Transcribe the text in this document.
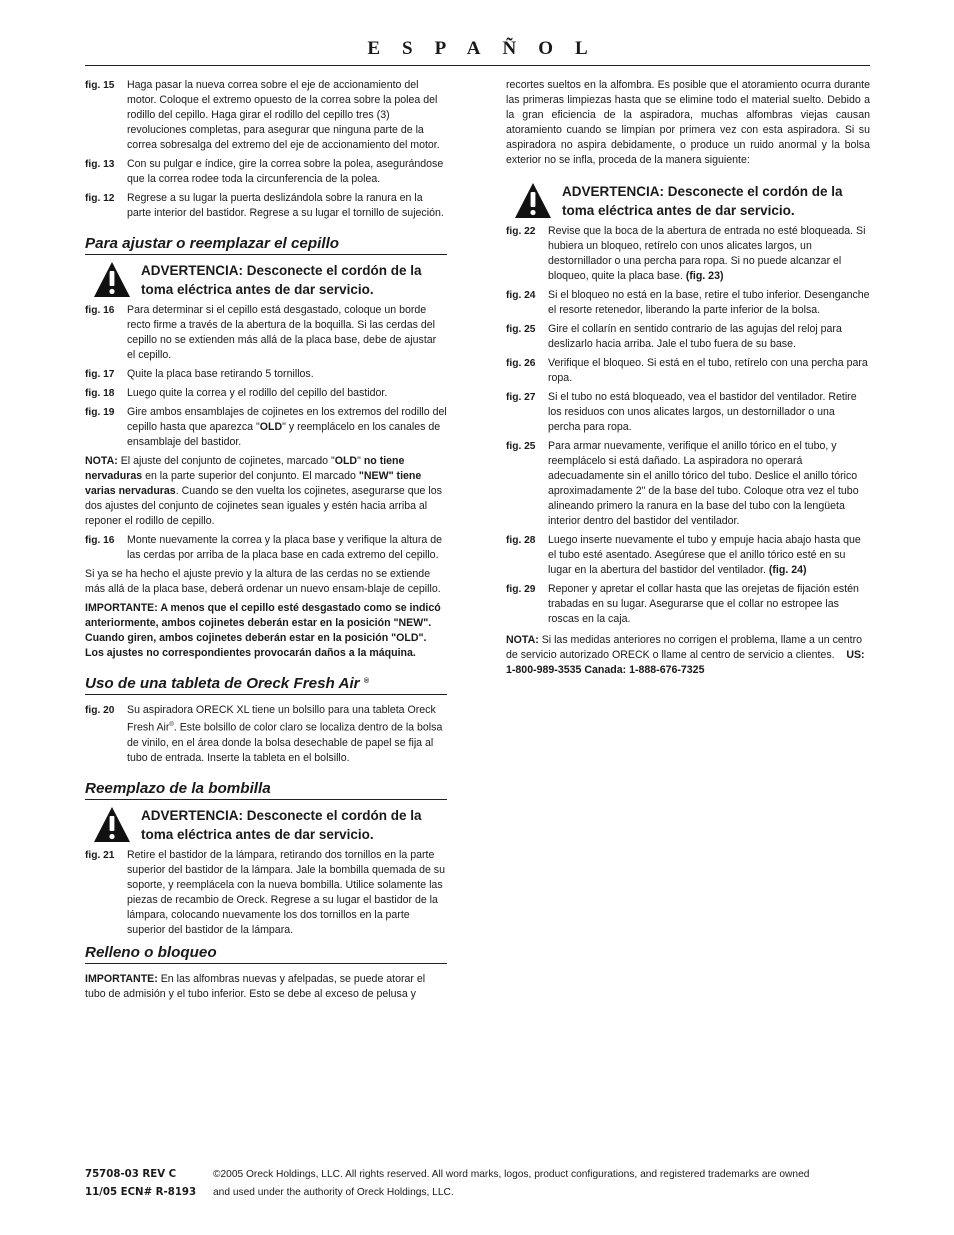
ESPAÑOL
fig. 15	Haga pasar la nueva correa sobre el eje de accionamiento del motor. Coloque el extremo opuesto de la correa sobre la polea del rodillo del cepillo. Haga girar el rodillo del cepillo tres (3) revoluciones completas, para asegurar que ninguna parte de la correa sobresalga del extremo del eje de accionamiento del motor.
fig. 13	Con su pulgar e índice, gire la correa sobre la polea, asegurándose que la correa rodee toda la circunferencia de la polea.
fig. 12	Regrese a su lugar la puerta deslizándola sobre la ranura en la parte interior del bastidor. Regrese a su lugar el tornillo de sujeción.
Para ajustar o reemplazar el cepillo
ADVERTENCIA: Desconecte el cordón de la toma eléctrica antes de dar servicio.
fig. 16	Para determinar si el cepillo está desgastado, coloque un borde recto firme a través de la abertura de la boquilla. Si las cerdas del cepillo no se extienden más allá de la placa base, debe de ajustar el cepillo.
fig. 17	Quite la placa base retirando 5 tornillos.
fig. 18	Luego quite la correa y el rodillo del cepillo del bastidor.
fig. 19	Gire ambos ensamblajes de cojinetes en los extremos del rodillo del cepillo hasta que aparezca "OLD" y reemplácelo en los canales de ensamblaje del bastidor.
NOTA: El ajuste del conjunto de cojinetes, marcado "OLD" no tiene nervaduras en la parte superior del conjunto. El marcado "NEW" tiene varias nervaduras. Cuando se den vuelta los cojinetes, asegurarse que los dos ajustes del conjunto de cojinetes sean iguales y estén hacia arriba al reponer el rodillo de cepillo.
fig. 16	Monte nuevamente la correa y la placa base y verifique la altura de las cerdas por arriba de la placa base en cada extremo del cepillo.
Si ya se ha hecho el ajuste previo y la altura de las cerdas no se extiende más allá de la placa base, deberá ordenar un nuevo ensam-blaje de cepillo.
IMPORTANTE: A menos que el cepillo esté desgastado como se indicó anteriormente, ambos cojinetes deberán estar en la posición "NEW". Cuando giren, ambos cojinetes deberán estar en la posición "OLD". Los ajustes no correspondientes provocarán daños a la máquina.
Uso de una tableta de Oreck Fresh Air ®
fig. 20	Su aspiradora ORECK XL tiene un bolsillo para una tableta Oreck Fresh Air®. Este bolsillo de color claro se localiza dentro de la bolsa de vinilo, en el área donde la bolsa desechable de papel se fija al tubo de entrada. Inserte la tableta en el bolsillo.
Reemplazo de la bombilla
ADVERTENCIA: Desconecte el cordón de la toma eléctrica antes de dar servicio.
fig. 21	Retire el bastidor de la lámpara, retirando dos tornillos en la parte superior del bastidor de la lámpara. Jale la bombilla quemada de su soporte, y reemplácela con la nueva bombilla. Utilice solamente las piezas de recambio de Oreck. Regrese a su lugar el bastidor de la lámpara, colocando nuevamente los dos tornillos en la parte superior del bastidor de la lámpara.
Relleno o bloqueo
IMPORTANTE: En las alfombras nuevas y afelpadas, se puede atorar el tubo de admisión y el tubo inferior. Esto se debe al exceso de pelusa y
recortes sueltos en la alfombra. Es posible que el atoramiento ocurra durante las primeras limpiezas hasta que se elimine todo el material suelto. Debido a la gran eficiencia de la aspiradora, muchas alfombras viejas causan atoramiento cuando se limpian por primera vez con esta aspiradora. Si su aspiradora no aspira debidamente, o produce un ruido anormal y la bolsa exterior no se infla, proceda de la manera siguiente:
ADVERTENCIA: Desconecte el cordón de la toma eléctrica antes de dar servicio.
fig. 22	Revise que la boca de la abertura de entrada no esté bloqueada. Si hubiera un bloqueo, retírelo con unos alicates largos, un destornillador o una percha para ropa. Si no puede alcanzar el bloqueo, quite la placa base. (fig. 23)
fig. 24	Si el bloqueo no está en la base, retire el tubo inferior. Desenganche el resorte retenedor, liberando la parte inferior de la bolsa.
fig. 25	Gire el collarín en sentido contrario de las agujas del reloj para deslizarlo hacia arriba. Jale el tubo fuera de su base.
fig. 26	Verifique el bloqueo. Si está en el tubo, retírelo con una percha para ropa.
fig. 27	Si el tubo no está bloqueado, vea el bastidor del ventilador. Retire los residuos con unos alicates largos, un destornillador o una percha para ropa.
fig. 25	Para armar nuevamente, verifique el anillo tórico en el tubo, y reemplácelo si está dañado. La aspiradora no operará adecuadamente sin el anillo tórico del tubo. Deslice el anillo tórico aproximadamente 2" de la base del tubo. Coloque otra vez el tubo alineando primero la ranura en la base del tubo con la lengüeta interior dentro del bastidor del ventilador.
fig. 28	Luego inserte nuevamente el tubo y empuje hacia abajo hasta que el tubo esté asentado. Asegúrese que el anillo tórico esté en su lugar en la abertura del bastidor del ventilador. (fig. 24)
fig. 29	Reponer y apretar el collar hasta que las orejetas de fijación estén trabadas en su lugar. Asegurarse que el collar no estropee las roscas en la caja.
NOTA: Si las medidas anteriores no corrigen el problema, llame a un centro de servicio autorizado ORECK o llame al centro de servicio a clientes. US: 1-800-989-3535 Canada: 1-888-676-7325
75708-03 REV C
11/05 ECN# R-8193
©2005 Oreck Holdings, LLC. All rights reserved. All word marks, logos, product configurations, and registered trademarks are owned
and used under the authority of Oreck Holdings, LLC.
